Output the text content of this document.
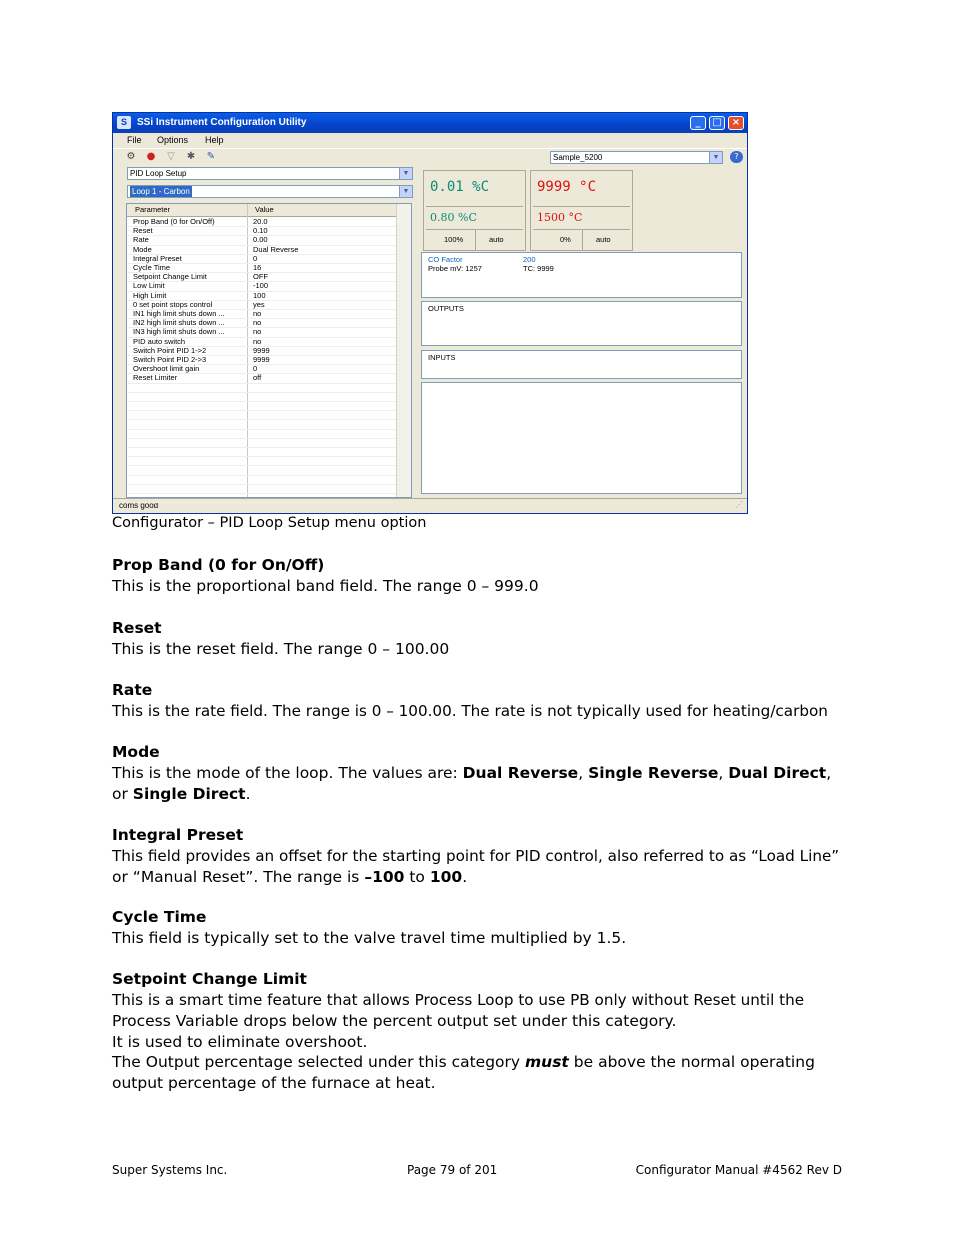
S	SSi Instrument Configuration Utility	_	□	×
File Options Help
⚙ ● ▽ ✱ ✎	Sample_5200	▼	?
PID Loop Setup	▼
Loop 1 - Carbon	▼ 0.01 %C
0.80 %C
100%	auto
9999 °C
1500 °C
0%	auto
CO Factor	200
Probe mV: 1257	TC: 9999
OUTPUTS
INPUTS
coms good	⋰
Parameter	Value
Prop Band (0 for On/Off)	20.0
Reset	0.10
Rate	0.00
Mode	Dual Reverse
Integral Preset	0
Cycle Time	16
Setpoint Change Limit	OFF
Low Limit	-100
High Limit	100
0 set point stops control	yes
IN1 high limit shuts down ...	no
IN2 high limit shuts down ...	no
IN3 high limit shuts down ...	no
PID auto switch	no
Switch Point PID 1->2	9999
Switch Point PID 2->3	9999
Overshoot limit gain	0
Reset Limiter	off
Configurator – PID Loop Setup menu option
Prop Band (0 for On/Off)
This is the proportional band field. The range 0 – 999.0
Reset
This is the reset field. The range 0 – 100.00
Rate
This is the rate field. The range is 0 – 100.00. The rate is not typically used for heating/carbon
Mode
This is the mode of the loop. The values are: Dual Reverse, Single Reverse, Dual Direct,
or Single Direct.
Integral Preset
This field provides an offset for the starting point for PID control, also referred to as “Load Line”
or “Manual Reset”. The range is –100 to 100.
Cycle Time
This field is typically set to the valve travel time multiplied by 1.5.
Setpoint Change Limit
This is a smart time feature that allows Process Loop to use PB only without Reset until the
Process Variable drops below the percent output set under this category.
It is used to eliminate overshoot.
The Output percentage selected under this category must be above the normal operating
output percentage of the furnace at heat.
Super Systems Inc.	Page 79 of 201	Configurator Manual #4562 Rev D
